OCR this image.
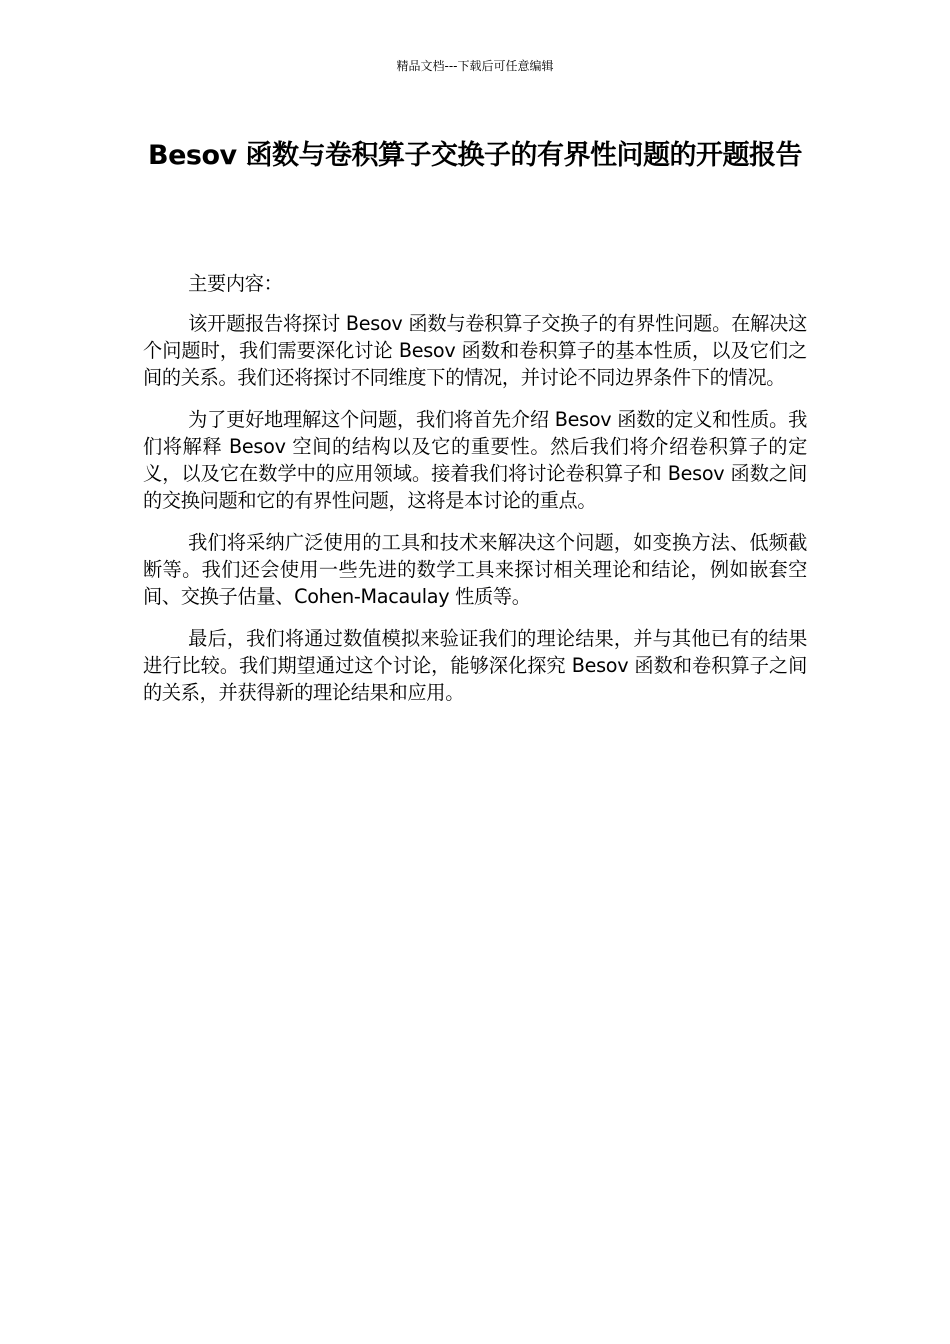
精品文档---下载后可任意编辑
Besov 函数与卷积算子交换子的有界性问题的开题报告

主要内容：

该开题报告将探讨 Besov 函数与卷积算子交换子的有界性问题。在解决这个问题时，我们需要深化讨论 Besov 函数和卷积算子的基本性质，以及它们之间的关系。我们还将探讨不同维度下的情况，并讨论不同边界条件下的情况。

为了更好地理解这个问题，我们将首先介绍 Besov 函数的定义和性质。我们将解释 Besov 空间的结构以及它的重要性。然后我们将介绍卷积算子的定义，以及它在数学中的应用领域。接着我们将讨论卷积算子和 Besov 函数之间的交换问题和它的有界性问题，这将是本讨论的重点。

我们将采纳广泛使用的工具和技术来解决这个问题，如变换方法、低频截断等。我们还会使用一些先进的数学工具来探讨相关理论和结论，例如嵌套空间、交换子估量、Cohen-Macaulay 性质等。

最后，我们将通过数值模拟来验证我们的理论结果，并与其他已有的结果进行比较。我们期望通过这个讨论，能够深化探究 Besov 函数和卷积算子之间的关系，并获得新的理论结果和应用。
